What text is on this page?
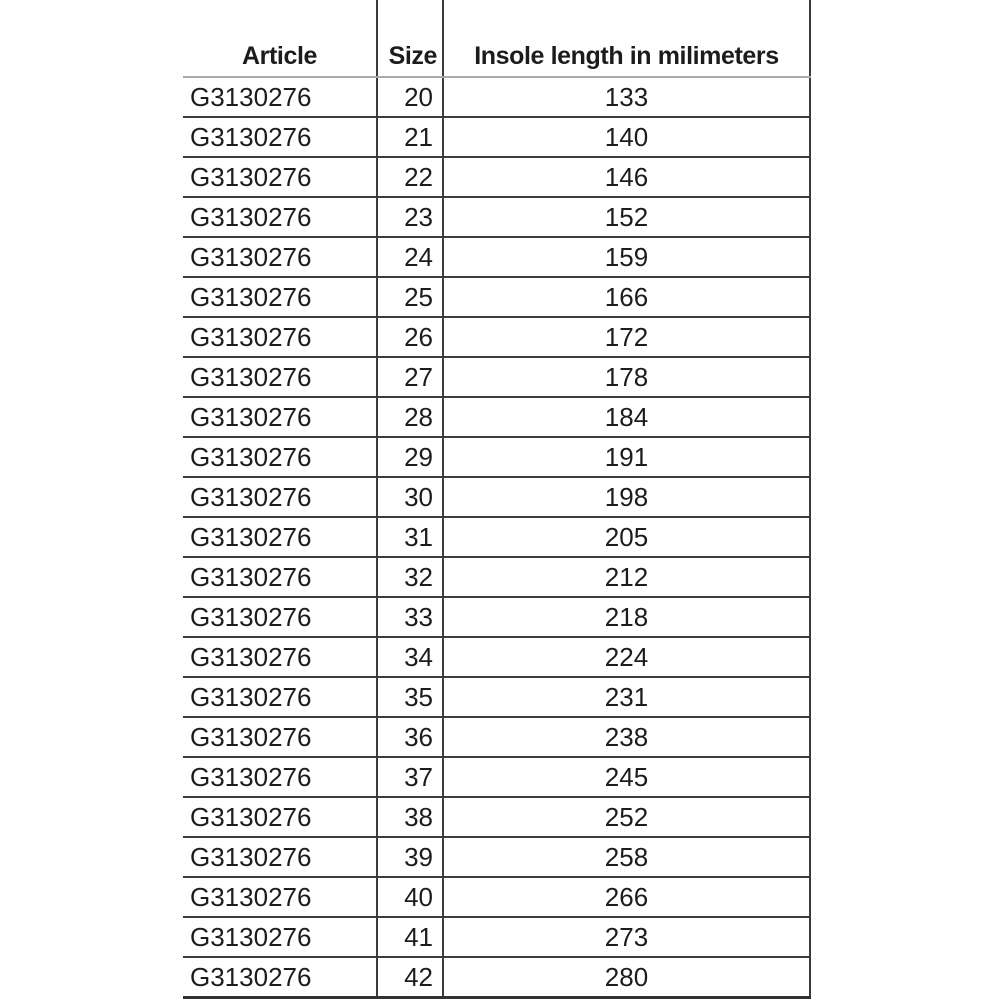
Article	Size	Insole length in milimeters
G3130276	20	133
G3130276	21	140
G3130276	22	146
G3130276	23	152
G3130276	24	159
G3130276	25	166
G3130276	26	172
G3130276	27	178
G3130276	28	184
G3130276	29	191
G3130276	30	198
G3130276	31	205
G3130276	32	212
G3130276	33	218
G3130276	34	224
G3130276	35	231
G3130276	36	238
G3130276	37	245
G3130276	38	252
G3130276	39	258
G3130276	40	266
G3130276	41	273
G3130276	42	280
